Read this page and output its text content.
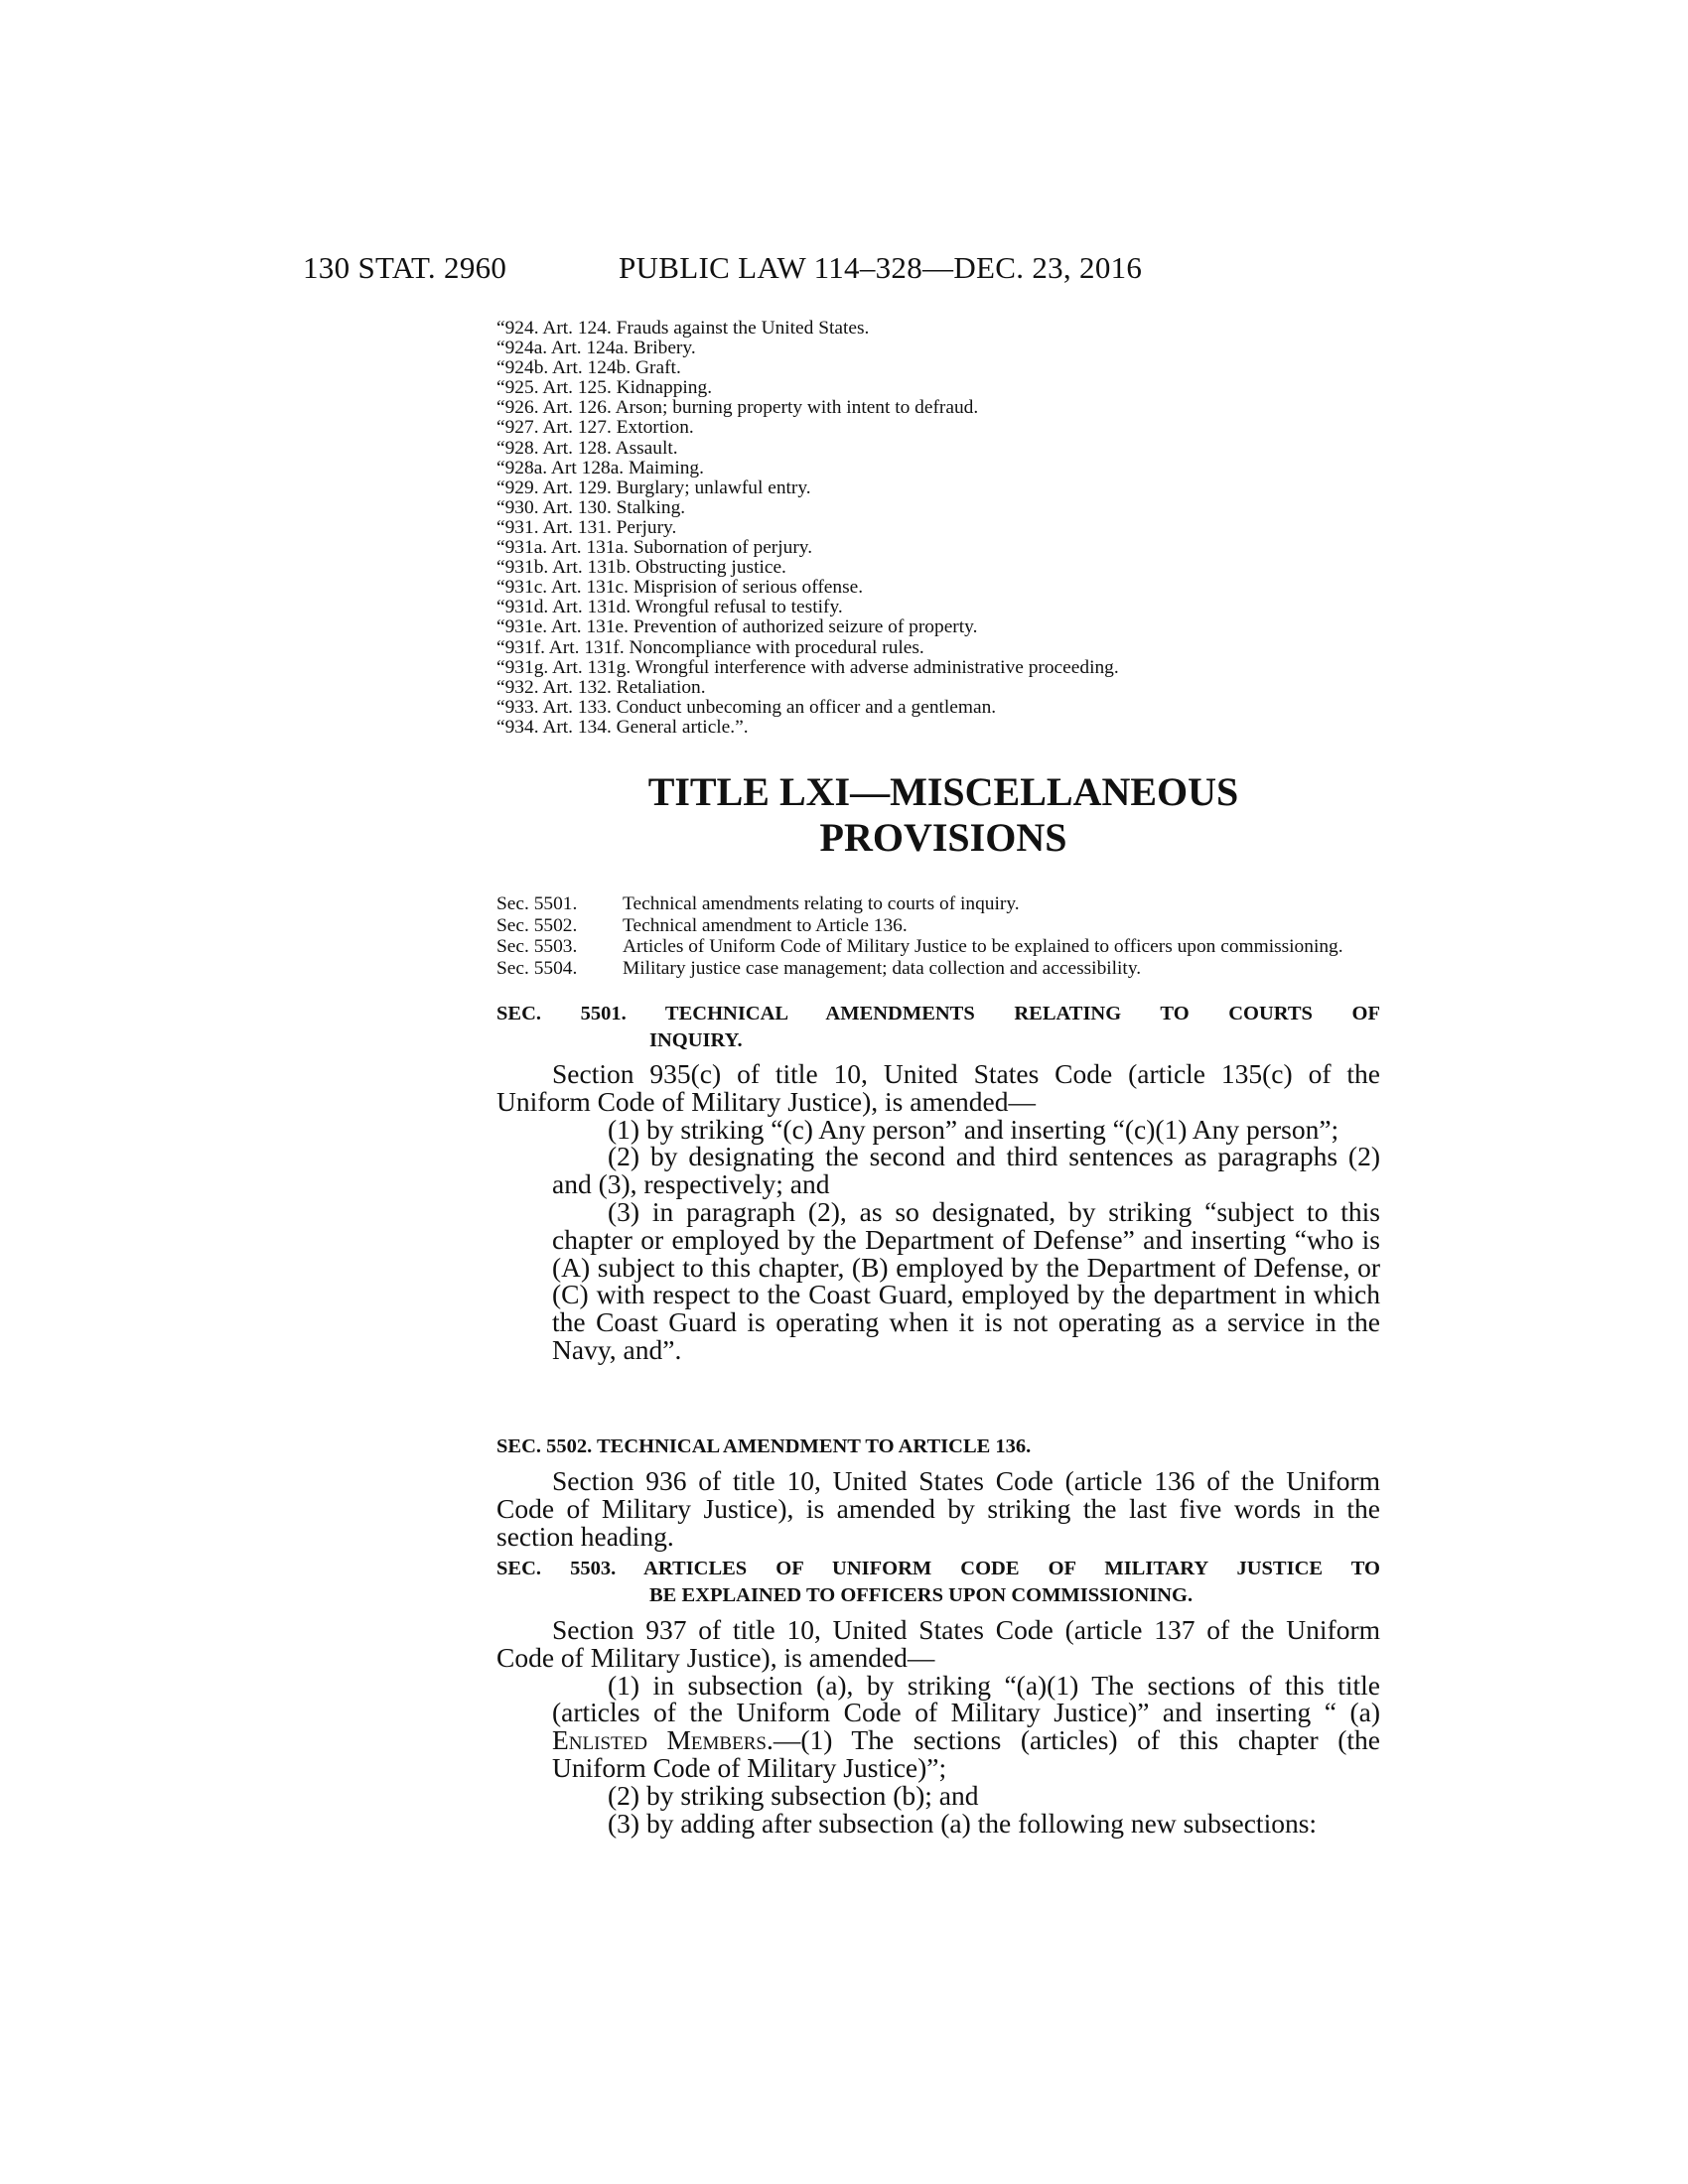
130 STAT. 2960	PUBLIC LAW 114–328—DEC. 23, 2016
“924. Art. 124. Frauds against the United States.
“924a. Art. 124a. Bribery.
“924b. Art. 124b. Graft.
“925. Art. 125. Kidnapping.
“926. Art. 126. Arson; burning property with intent to defraud.
“927. Art. 127. Extortion.
“928. Art. 128. Assault.
“928a. Art 128a. Maiming.
“929. Art. 129. Burglary; unlawful entry.
“930. Art. 130. Stalking.
“931. Art. 131. Perjury.
“931a. Art. 131a. Subornation of perjury.
“931b. Art. 131b. Obstructing justice.
“931c. Art. 131c. Misprision of serious offense.
“931d. Art. 131d. Wrongful refusal to testify.
“931e. Art. 131e. Prevention of authorized seizure of property.
“931f. Art. 131f. Noncompliance with procedural rules.
“931g. Art. 131g. Wrongful interference with adverse administrative proceeding.
“932. Art. 132. Retaliation.
“933. Art. 133. Conduct unbecoming an officer and a gentleman.
“934. Art. 134. General article.”.
TITLE LXI—MISCELLANEOUS
PROVISIONS
Sec. 5501. Technical amendments relating to courts of inquiry.
Sec. 5502. Technical amendment to Article 136.
Sec. 5503. Articles of Uniform Code of Military Justice to be explained to officers upon commissioning.
Sec. 5504. Military justice case management; data collection and accessibility.
SEC. 5501. TECHNICAL AMENDMENTS RELATING TO COURTS OF
INQUIRY.

Section 935(c) of title 10, United States Code (article 135(c) of the Uniform Code of Military Justice), is amended—

(1) by striking “(c) Any person” and inserting “(c)(1) Any person”;

(2) by designating the second and third sentences as paragraphs (2) and (3), respectively; and

(3) in paragraph (2), as so designated, by striking “subject to this chapter or employed by the Department of Defense” and inserting “who is (A) subject to this chapter, (B) employed by the Department of Defense, or (C) with respect to the Coast Guard, employed by the department in which the Coast Guard is operating when it is not operating as a service in the Navy, and”.

SEC. 5502. TECHNICAL AMENDMENT TO ARTICLE 136.

Section 936 of title 10, United States Code (article 136 of the Uniform Code of Military Justice), is amended by striking the last five words in the section heading.

SEC. 5503. ARTICLES OF UNIFORM CODE OF MILITARY JUSTICE TO
BE EXPLAINED TO OFFICERS UPON COMMISSIONING.

Section 937 of title 10, United States Code (article 137 of the Uniform Code of Military Justice), is amended—

(1) in subsection (a), by striking “(a)(1) The sections of this title (articles of the Uniform Code of Military Justice)” and inserting “ (a) Enlisted Members.—(1) The sections (articles) of this chapter (the Uniform Code of Military Justice)”;

(2) by striking subsection (b); and

(3) by adding after subsection (a) the following new subsections:
